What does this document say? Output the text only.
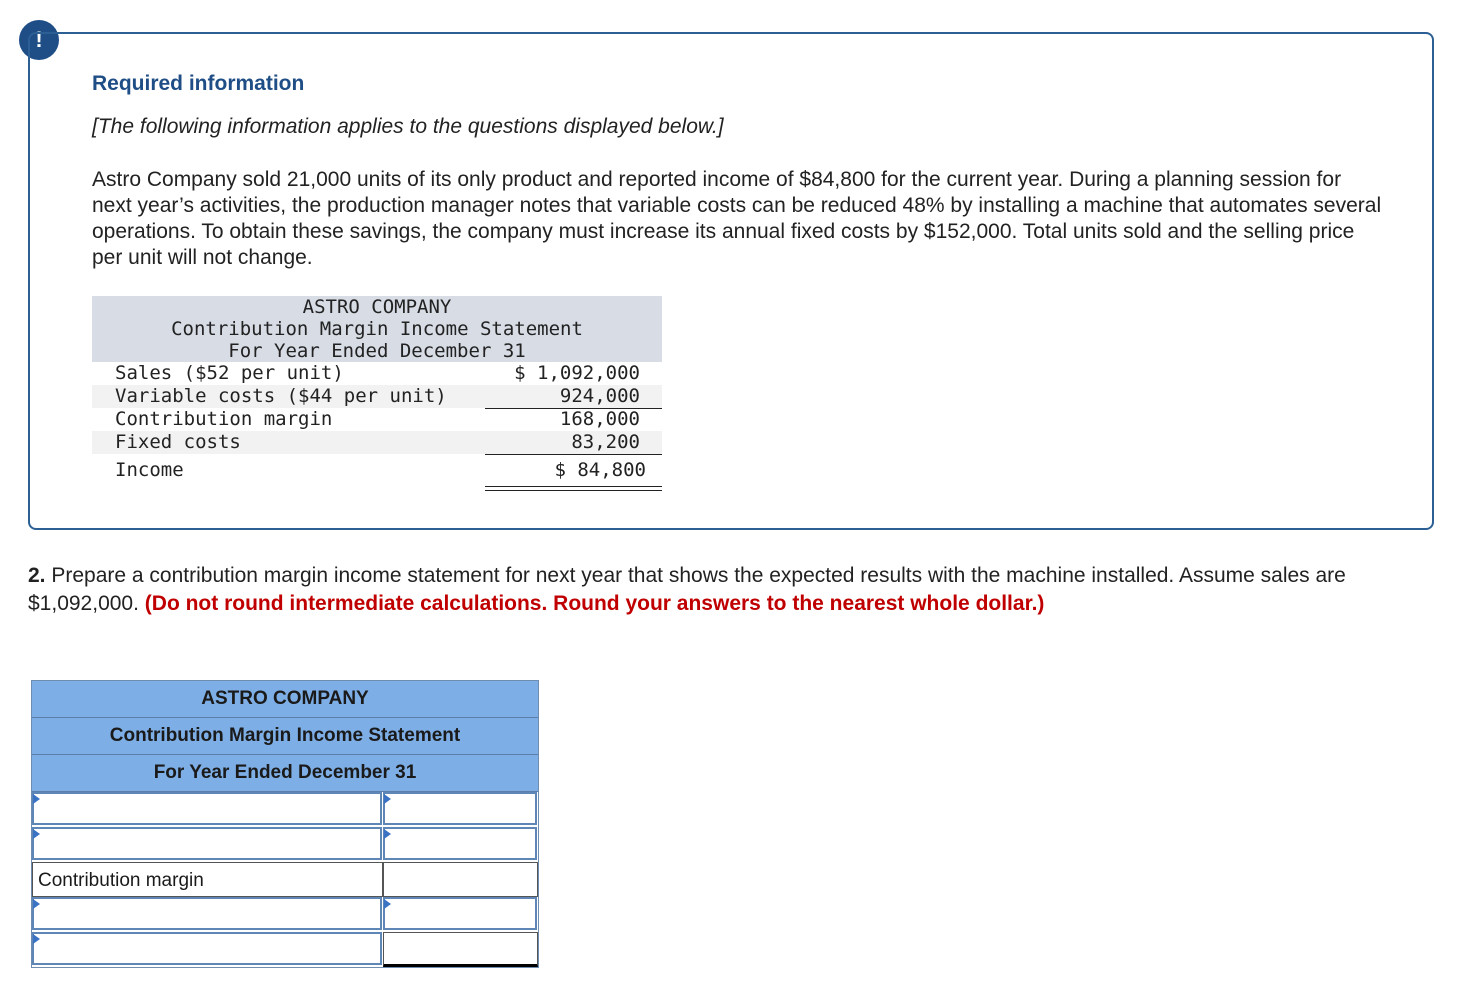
!
Required information
[The following information applies to the questions displayed below.]
Astro Company sold 21,000 units of its only product and reported income of $84,800 for the current year. During a planning session for next year’s activities, the production manager notes that variable costs can be reduced 48% by installing a machine that automates several operations. To obtain these savings, the company must increase its annual fixed costs by $152,000. Total units sold and the selling price per unit will not change.
ASTRO COMPANY
Contribution Margin Income Statement
For Year Ended December 31
Sales ($52 per unit)	$ 1,092,000
Variable costs ($44 per unit)	924,000
Contribution margin	168,000
Fixed costs	83,200
Income	$ 84,800
2. Prepare a contribution margin income statement for next year that shows the expected results with the machine installed. Assume sales are $1,092,000. (Do not round intermediate calculations. Round your answers to the nearest whole dollar.)
ASTRO COMPANY
Contribution Margin Income Statement
For Year Ended December 31
Contribution margin
